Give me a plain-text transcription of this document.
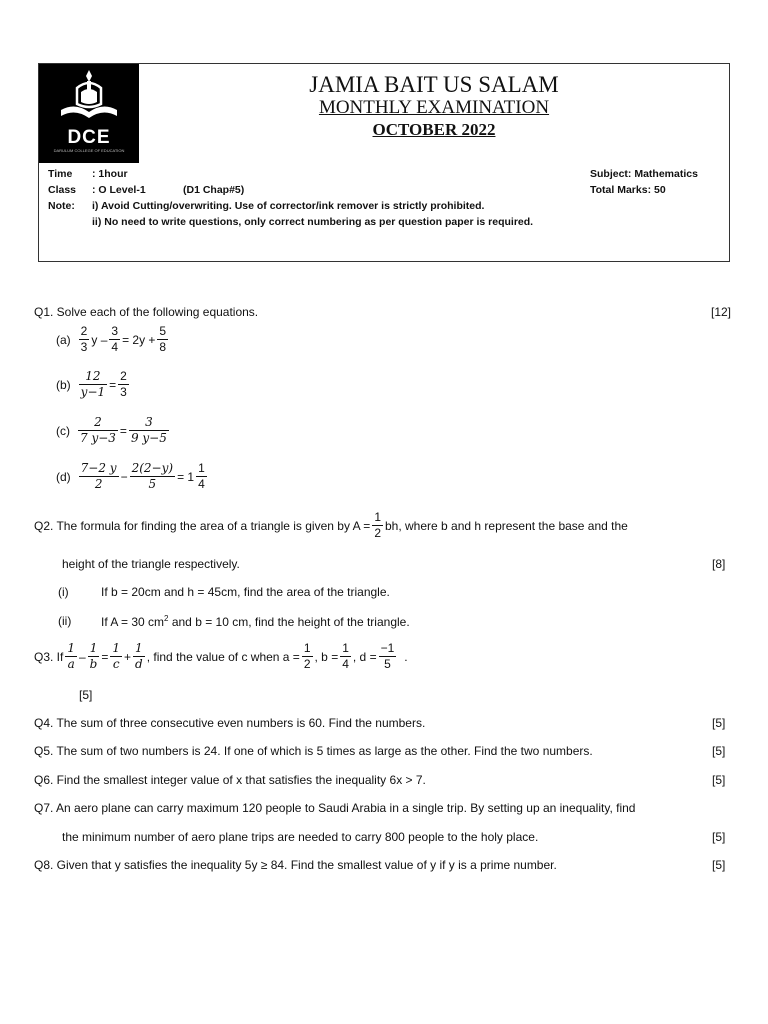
DCE
DARULUM COLLEGE OF EDUCATION
JAMIA BAIT US SALAM
MONTHLY EXAMINATION
OCTOBER 2022
Time : 1hour
Class : O Level-1	(D1 Chap#5)
Note: i) Avoid Cutting/overwriting. Use of corrector/ink remover is strictly prohibited.
ii) No need to write questions, only correct numbering as per question paper is required.
Subject: Mathematics
Total Marks: 50
Q1. Solve each of the following equations.	[12]
$(a) \frac{2}{3}$ $y - \frac{3}{4} = 2y + \frac{5}{8}$
$(b) \frac{12}{y-1} = \frac{2}{3}$
$(c) \frac{2}{7 y-3} = \frac{3}{9 y-5}$
$(d) \frac{7-2 y}{2} - \frac{2(2-y)}{5} = 1 \frac{1}{4}$
Q2. The formula for finding the area of a triangle is given by $A = \frac{1}{2}$ bh, where b and h represent the base and the
height of the triangle respectively.	[8]
(i)	If b = 20cm and h = 45cm, find the area of the triangle.
(ii) If A = 30 $cm^2$ and b = 10 cm, find the height of the triangle.
Q3. If $\frac{1}{a} - \frac{1}{b} = \frac{1}{c} + \frac{1}{d}$ , find the value of c when $a = \frac{1}{2}$ , $b = \frac{1}{4}$ , $d = \frac{-1}{5}$ .
[5]
Q4. The sum of three consecutive even numbers is 60. Find the numbers.	[5]
Q5. The sum of two numbers is 24. If one of which is 5 times as large as the other. Find the two numbers.	[5]
Q6. Find the smallest integer value of x that satisfies the inequality 6x > 7.	[5]
Q7. An aero plane can carry maximum 120 people to Saudi Arabia in a single trip. By setting up an inequality, find
the minimum number of aero plane trips are needed to carry 800 people to the holy place.	[5]
Q8. Given that y satisfies the inequality 5y ≥ 84. Find the smallest value of y if y is a prime number.	[5]
